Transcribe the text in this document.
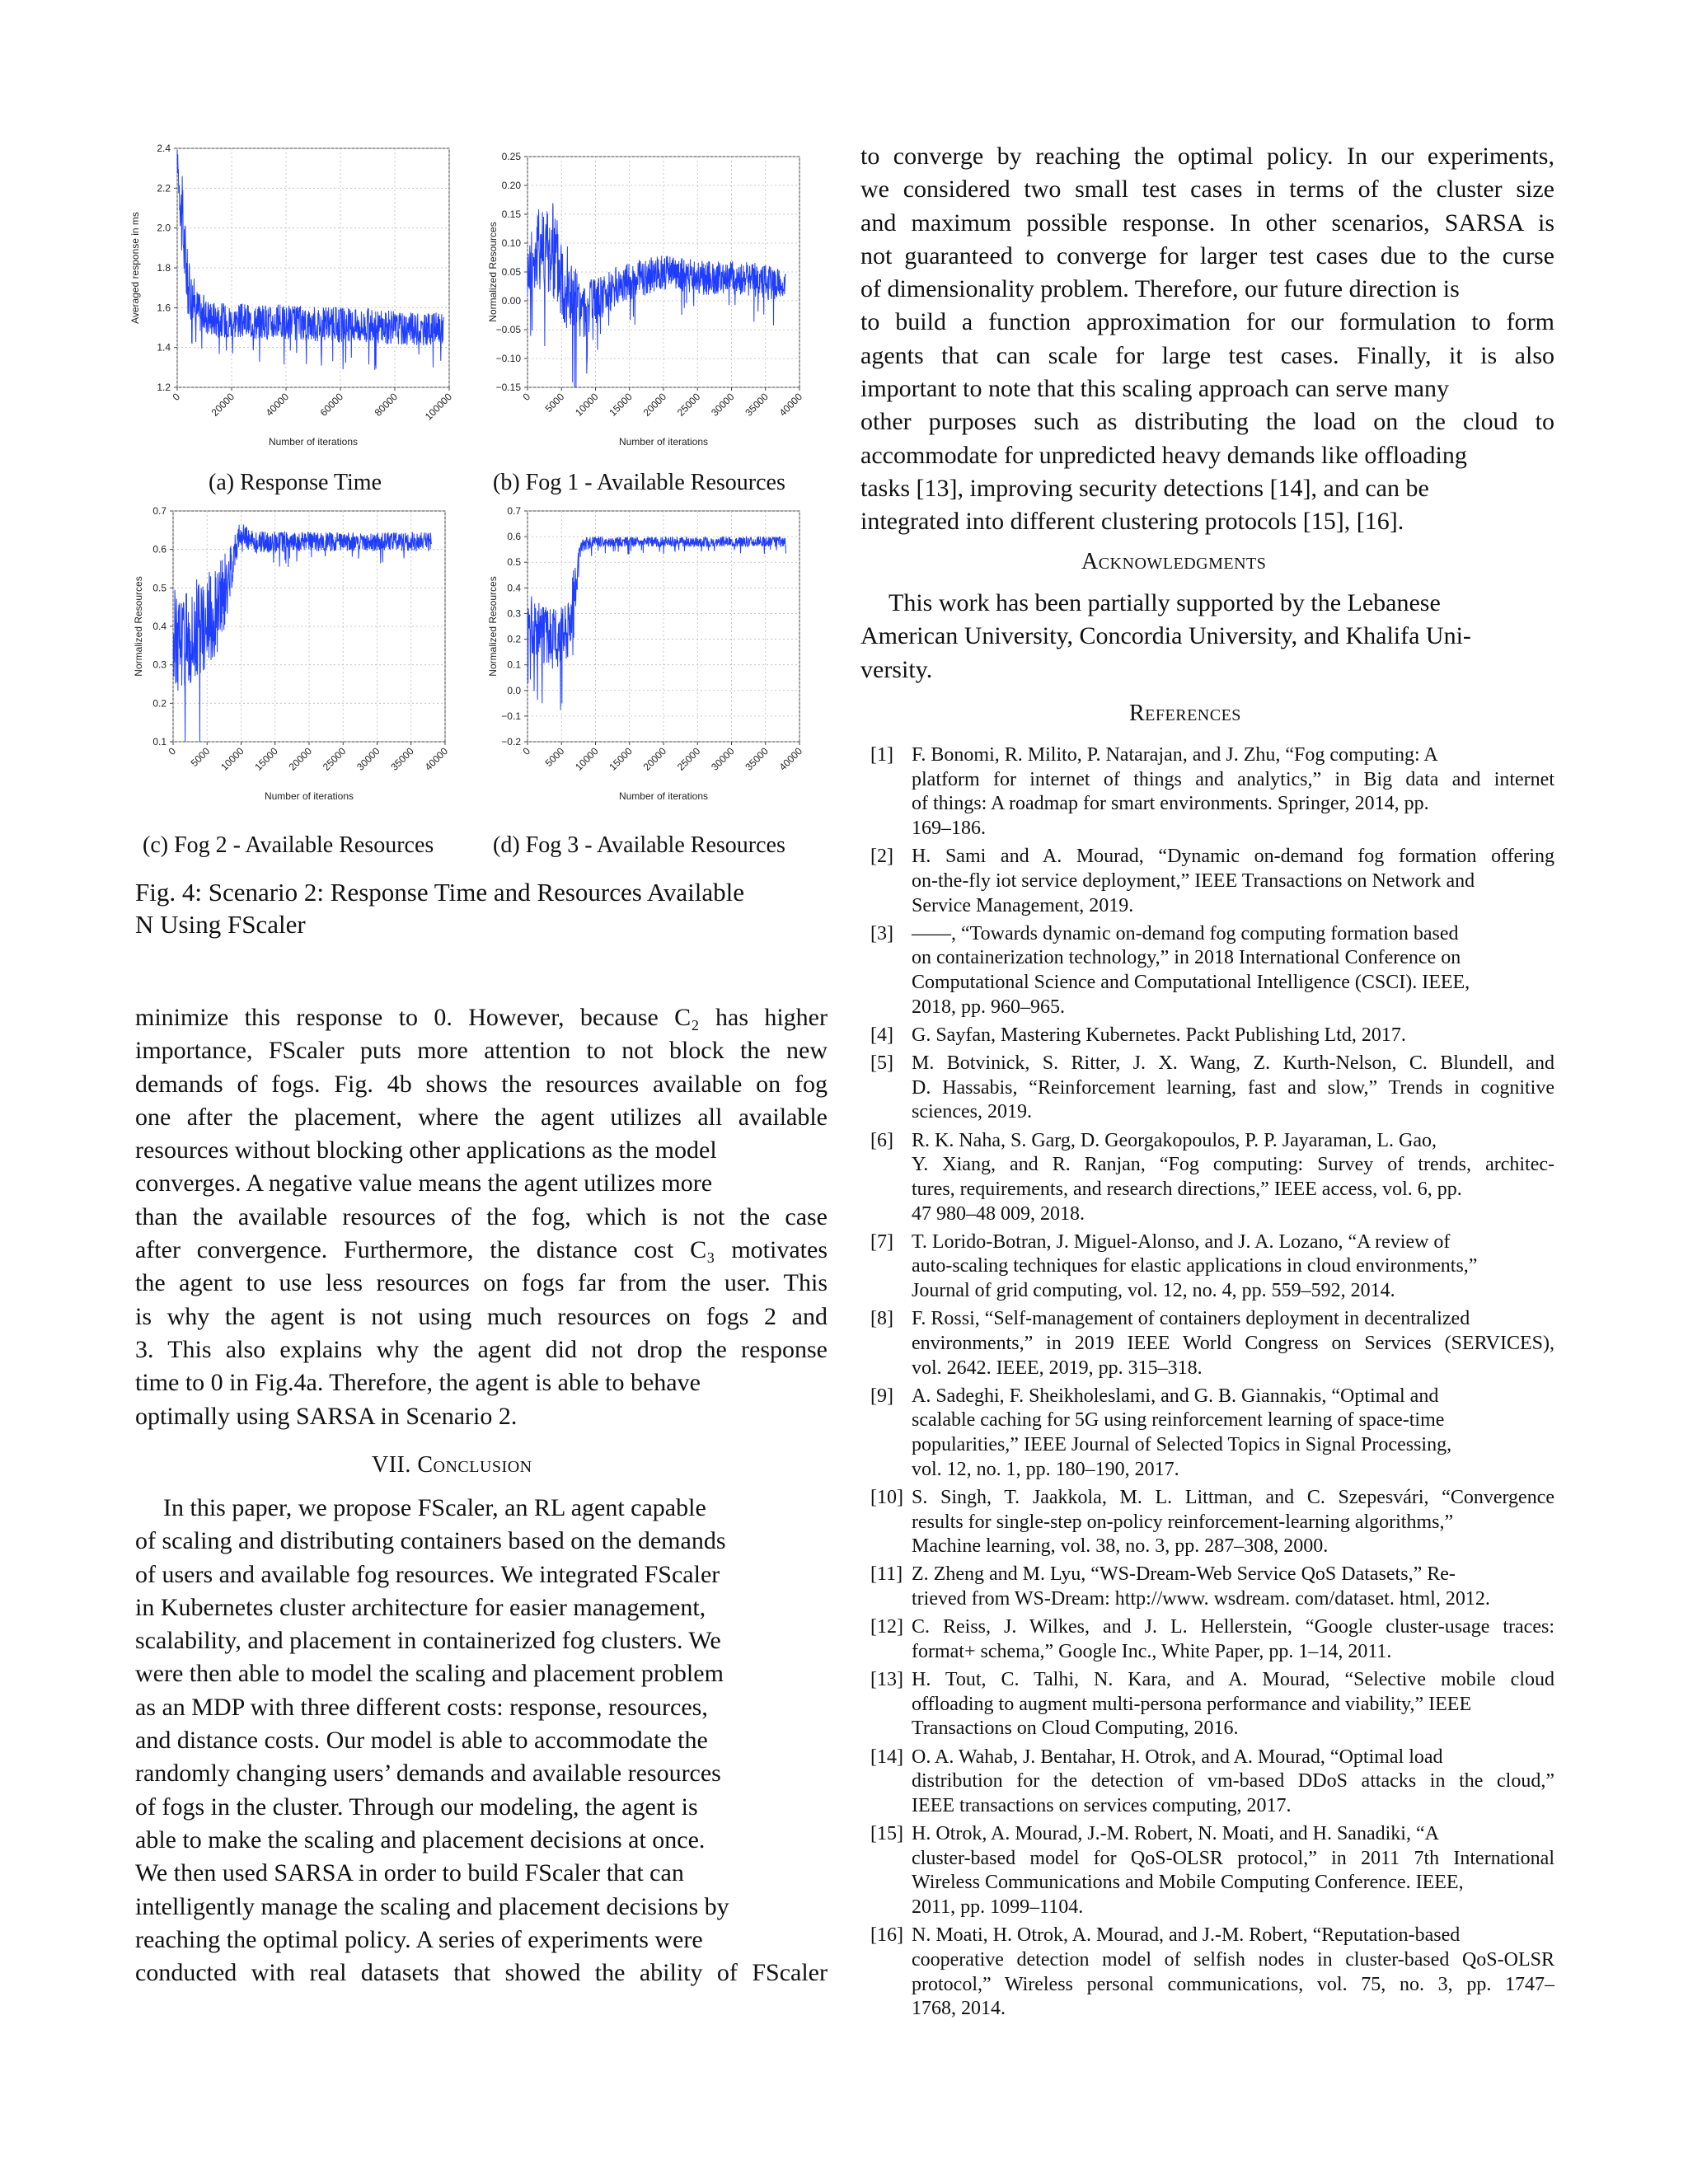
1.2
1.4
1.6
1.8
2.0
2.2
2.4
0	20000	40000	60000	80000 100000
Number of iterations
Averaged response in ms
−0.15
−0.10
−0.05
0.00
0.05
0.10
0.15
0.20
0.25
0 5000 10000 15000 20000 25000 30000 35000 40000
Number of iterations
Normalized Resources
0.1
0.2
0.3
0.4
0.5
0.6
0.7
0 5000 10000 15000 20000 25000 30000 35000 40000
Number of iterations
Normalized Resources
−0.2
−0.1
0.0
0.1
0.2
0.3
0.4
0.5
0.6
0.7
0 5000 10000 15000 20000 25000 30000 35000 40000
Number of iterations
Normalized Resources
(a) Response Time	(b) Fog 1 - Available Resources
(c) Fog 2 - Available Resources	(d) Fog 3 - Available Resources
Fig. 4: Scenario 2: Response Time and Resources Available
N Using FScaler
minimize this response to 0. However, because C₂ has higher
importance, FScaler puts more attention to not block the new
demands of fogs. Fig. 4b shows the resources available on fog
one after the placement, where the agent utilizes all available
resources without blocking other applications as the model
converges. A negative value means the agent utilizes more
than the available resources of the fog, which is not the case
after convergence. Furthermore, the distance cost C₃ motivates
the agent to use less resources on fogs far from the user. This
is why the agent is not using much resources on fogs 2 and
3. This also explains why the agent did not drop the response
time to 0 in Fig.4a. Therefore, the agent is able to behave
optimally using SARSA in Scenario 2.
VII. Conclusion
In this paper, we propose FScaler, an RL agent capable
of scaling and distributing containers based on the demands
of users and available fog resources. We integrated FScaler
in Kubernetes cluster architecture for easier management,
scalability, and placement in containerized fog clusters. We
were then able to model the scaling and placement problem
as an MDP with three different costs: response, resources,
and distance costs. Our model is able to accommodate the
randomly changing users’ demands and available resources
of fogs in the cluster. Through our modeling, the agent is
able to make the scaling and placement decisions at once.
We then used SARSA in order to build FScaler that can
intelligently manage the scaling and placement decisions by
reaching the optimal policy. A series of experiments were
conducted with real datasets that showed the ability of FScaler
to converge by reaching the optimal policy. In our experiments,
we considered two small test cases in terms of the cluster size
and maximum possible response. In other scenarios, SARSA is
not guaranteed to converge for larger test cases due to the curse
of dimensionality problem. Therefore, our future direction is
to build a function approximation for our formulation to form
agents that can scale for large test cases. Finally, it is also
important to note that this scaling approach can serve many
other purposes such as distributing the load on the cloud to
accommodate for unpredicted heavy demands like offloading
tasks [13], improving security detections [14], and can be
integrated into different clustering protocols [15], [16].
Acknowledgments
This work has been partially supported by the Lebanese
American University, Concordia University, and Khalifa Uni-
versity.
References
[1] F. Bonomi, R. Milito, P. Natarajan, and J. Zhu, “Fog computing: A
platform for internet of things and analytics,” in Big data and internet
of things: A roadmap for smart environments. Springer, 2014, pp.
169–186.
[2] H. Sami and A. Mourad, “Dynamic on-demand fog formation offering
on-the-fly iot service deployment,” IEEE Transactions on Network and
Service Management, 2019.
[3] ——, “Towards dynamic on-demand fog computing formation based
on containerization technology,” in 2018 International Conference on
Computational Science and Computational Intelligence (CSCI). IEEE,
2018, pp. 960–965.
[4] G. Sayfan, Mastering Kubernetes. Packt Publishing Ltd, 2017.
[5] M. Botvinick, S. Ritter, J. X. Wang, Z. Kurth-Nelson, C. Blundell, and
D. Hassabis, “Reinforcement learning, fast and slow,” Trends in cognitive
sciences, 2019.
[6] R. K. Naha, S. Garg, D. Georgakopoulos, P. P. Jayaraman, L. Gao,
Y. Xiang, and R. Ranjan, “Fog computing: Survey of trends, architec-
tures, requirements, and research directions,” IEEE access, vol. 6, pp.
47 980–48 009, 2018.
[7] T. Lorido-Botran, J. Miguel-Alonso, and J. A. Lozano, “A review of
auto-scaling techniques for elastic applications in cloud environments,”
Journal of grid computing, vol. 12, no. 4, pp. 559–592, 2014.
[8] F. Rossi, “Self-management of containers deployment in decentralized
environments,” in 2019 IEEE World Congress on Services (SERVICES),
vol. 2642. IEEE, 2019, pp. 315–318.
[9] A. Sadeghi, F. Sheikholeslami, and G. B. Giannakis, “Optimal and
scalable caching for 5G using reinforcement learning of space-time
popularities,” IEEE Journal of Selected Topics in Signal Processing,
vol. 12, no. 1, pp. 180–190, 2017.
[10] S. Singh, T. Jaakkola, M. L. Littman, and C. Szepesvári, “Convergence
results for single-step on-policy reinforcement-learning algorithms,”
Machine learning, vol. 38, no. 3, pp. 287–308, 2000.
[11] Z. Zheng and M. Lyu, “WS-Dream-Web Service QoS Datasets,” Re-
trieved from WS-Dream: http://www. wsdream. com/dataset. html, 2012.
[12] C. Reiss, J. Wilkes, and J. L. Hellerstein, “Google cluster-usage traces:
format+ schema,” Google Inc., White Paper, pp. 1–14, 2011.
[13] H. Tout, C. Talhi, N. Kara, and A. Mourad, “Selective mobile cloud
offloading to augment multi-persona performance and viability,” IEEE
Transactions on Cloud Computing, 2016.
[14] O. A. Wahab, J. Bentahar, H. Otrok, and A. Mourad, “Optimal load
distribution for the detection of vm-based DDoS attacks in the cloud,”
IEEE transactions on services computing, 2017.
[15] H. Otrok, A. Mourad, J.-M. Robert, N. Moati, and H. Sanadiki, “A
cluster-based model for QoS-OLSR protocol,” in 2011 7th International
Wireless Communications and Mobile Computing Conference. IEEE,
2011, pp. 1099–1104.
[16] N. Moati, H. Otrok, A. Mourad, and J.-M. Robert, “Reputation-based
cooperative detection model of selfish nodes in cluster-based QoS-OLSR
protocol,” Wireless personal communications, vol. 75, no. 3, pp. 1747–
1768, 2014.
